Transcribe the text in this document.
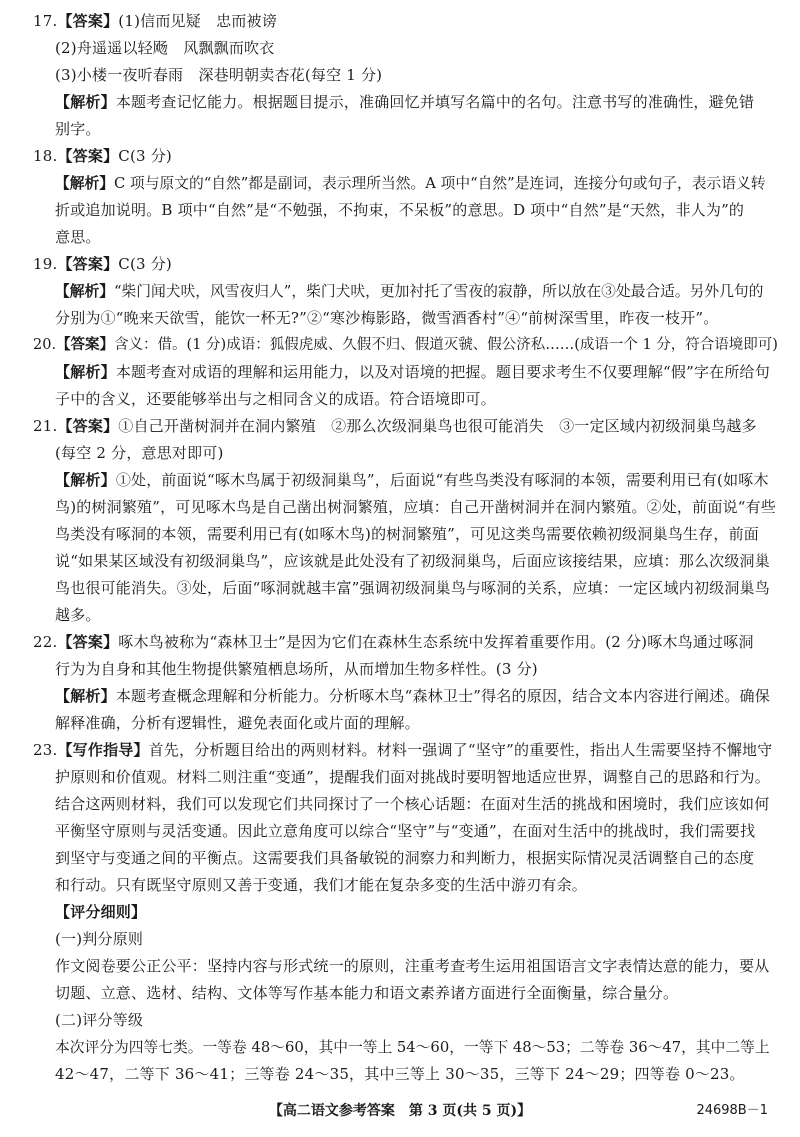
17.【答案】(1)信而见疑　忠而被谤
(2)舟遥遥以轻飏　风飘飘而吹衣
(3)小楼一夜听春雨　深巷明朝卖杏花(每空 1 分)
【解析】本题考查记忆能力。根据题目提示，准确回忆并填写名篇中的名句。注意书写的准确性，避免错
别字。
18.【答案】C(3 分)
【解析】C 项与原文的“自然”都是副词，表示理所当然。A 项中“自然”是连词，连接分句或句子，表示语义转
折或追加说明。B 项中“自然”是“不勉强，不拘束，不呆板”的意思。D 项中“自然”是“天然，非人为”的
意思。
19.【答案】C(3 分)
【解析】“柴门闻犬吠，风雪夜归人”，柴门犬吠，更加衬托了雪夜的寂静，所以放在③处最合适。另外几句的
分别为①“晚来天欲雪，能饮一杯无?”②“寒沙梅影路，微雪酒香村”④“前树深雪里，昨夜一枝开”。
20.【答案】含义：借。(1 分)成语：狐假虎威、久假不归、假道灭虢、假公济私……(成语一个 1 分，符合语境即可)
【解析】本题考查对成语的理解和运用能力，以及对语境的把握。题目要求考生不仅要理解“假”字在所给句
子中的含义，还要能够举出与之相同含义的成语。符合语境即可。
21.【答案】①自己开凿树洞并在洞内繁殖　②那么次级洞巢鸟也很可能消失　③一定区域内初级洞巢鸟越多
(每空 2 分，意思对即可)
【解析】①处，前面说“啄木鸟属于初级洞巢鸟”，后面说“有些鸟类没有啄洞的本领，需要利用已有(如啄木
鸟)的树洞繁殖”，可见啄木鸟是自己凿出树洞繁殖，应填：自己开凿树洞并在洞内繁殖。②处，前面说“有些
鸟类没有啄洞的本领，需要利用已有(如啄木鸟)的树洞繁殖”，可见这类鸟需要依赖初级洞巢鸟生存，前面
说“如果某区域没有初级洞巢鸟”，应该就是此处没有了初级洞巢鸟，后面应该接结果，应填：那么次级洞巢
鸟也很可能消失。③处，后面“啄洞就越丰富”强调初级洞巢鸟与啄洞的关系，应填：一定区域内初级洞巢鸟
越多。
22.【答案】啄木鸟被称为“森林卫士”是因为它们在森林生态系统中发挥着重要作用。(2 分)啄木鸟通过啄洞
行为为自身和其他生物提供繁殖栖息场所，从而增加生物多样性。(3 分)
【解析】本题考查概念理解和分析能力。分析啄木鸟“森林卫士”得名的原因，结合文本内容进行阐述。确保
解释准确，分析有逻辑性，避免表面化或片面的理解。
23.【写作指导】首先，分析题目给出的两则材料。材料一强调了“坚守”的重要性，指出人生需要坚持不懈地守
护原则和价值观。材料二则注重“变通”，提醒我们面对挑战时要明智地适应世界，调整自己的思路和行为。
结合这两则材料，我们可以发现它们共同探讨了一个核心话题：在面对生活的挑战和困境时，我们应该如何
平衡坚守原则与灵活变通。因此立意角度可以综合“坚守”与“变通”，在面对生活中的挑战时，我们需要找
到坚守与变通之间的平衡点。这需要我们具备敏锐的洞察力和判断力，根据实际情况灵活调整自己的态度
和行动。只有既坚守原则又善于变通，我们才能在复杂多变的生活中游刃有余。
【评分细则】
(一)判分原则
作文阅卷要公正公平：坚持内容与形式统一的原则，注重考查考生运用祖国语言文字表情达意的能力，要从
切题、立意、选材、结构、文体等写作基本能力和语文素养诸方面进行全面衡量，综合量分。
(二)评分等级
本次评分为四等七类。一等卷 48～60，其中一等上 54～60，一等下 48～53；二等卷 36～47，其中二等上
42～47，二等下 36～41；三等卷 24～35，其中三等上 30～35，三等下 24～29；四等卷 0～23。
【高二语文参考答案　第 3 页(共 5 页)】	24698B－1
